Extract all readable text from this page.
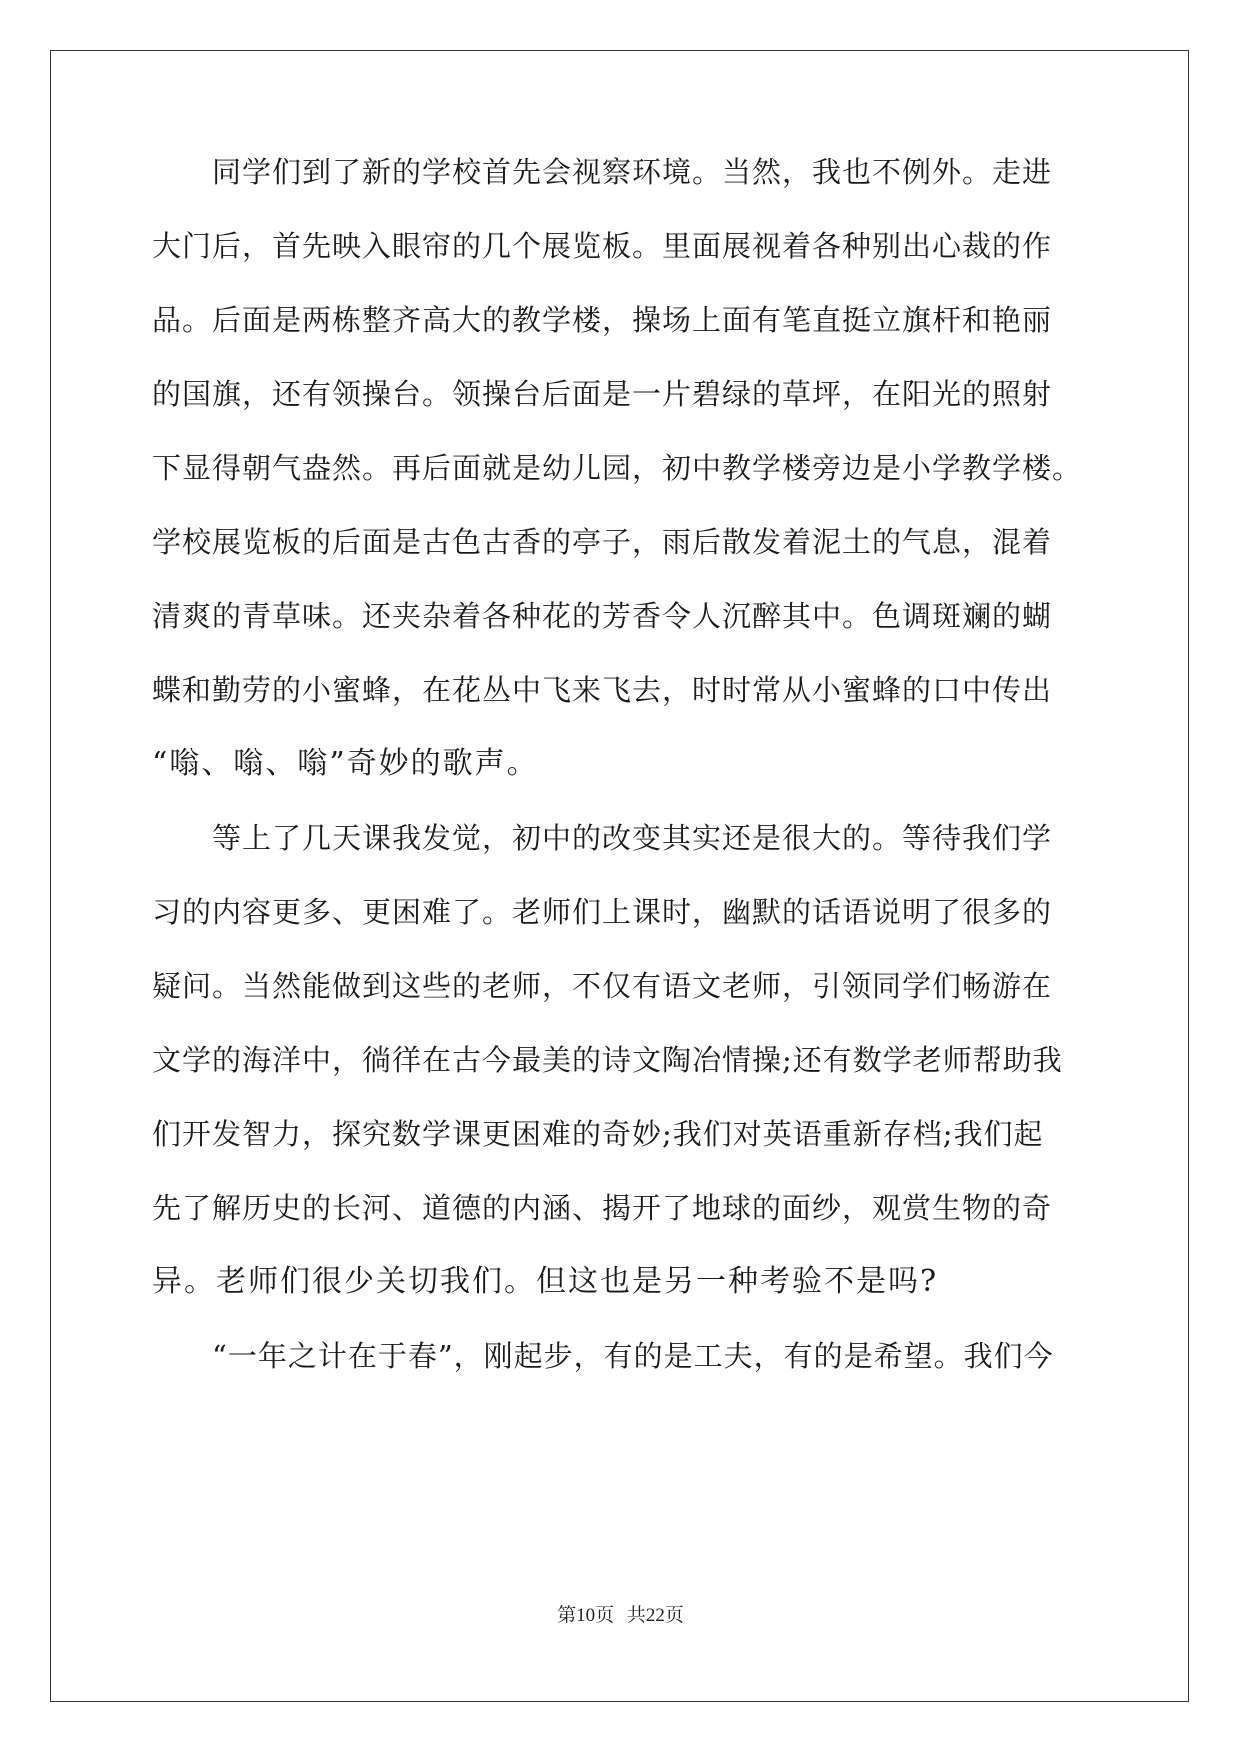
　　同学们到了新的学校首先会视察环境。当然，我也不例外。走进
大门后，首先映入眼帘的几个展览板。里面展视着各种别出心裁的作
品。后面是两栋整齐高大的教学楼，操场上面有笔直挺立旗杆和艳丽
的国旗，还有领操台。领操台后面是一片碧绿的草坪，在阳光的照射
下显得朝气盎然。再后面就是幼儿园，初中教学楼旁边是小学教学楼。
学校展览板的后面是古色古香的亭子，雨后散发着泥土的气息，混着
清爽的青草味。还夹杂着各种花的芳香令人沉醉其中。色调斑斓的蝴
蝶和勤劳的小蜜蜂，在花丛中飞来飞去，时时常从小蜜蜂的口中传出
“嗡、嗡、嗡”奇妙的歌声。
　　等上了几天课我发觉，初中的改变其实还是很大的。等待我们学
习的内容更多、更困难了。老师们上课时，幽默的话语说明了很多的
疑问。当然能做到这些的老师，不仅有语文老师，引领同学们畅游在
文学的海洋中，徜徉在古今最美的诗文陶冶情操;还有数学老师帮助我
们开发智力，探究数学课更困难的奇妙;我们对英语重新存档;我们起
先了解历史的长河、道德的内涵、揭开了地球的面纱，观赏生物的奇
异。老师们很少关切我们。但这也是另一种考验不是吗?
　　“一年之计在于春”，刚起步，有的是工夫，有的是希望。我们今
第10页 共22页
